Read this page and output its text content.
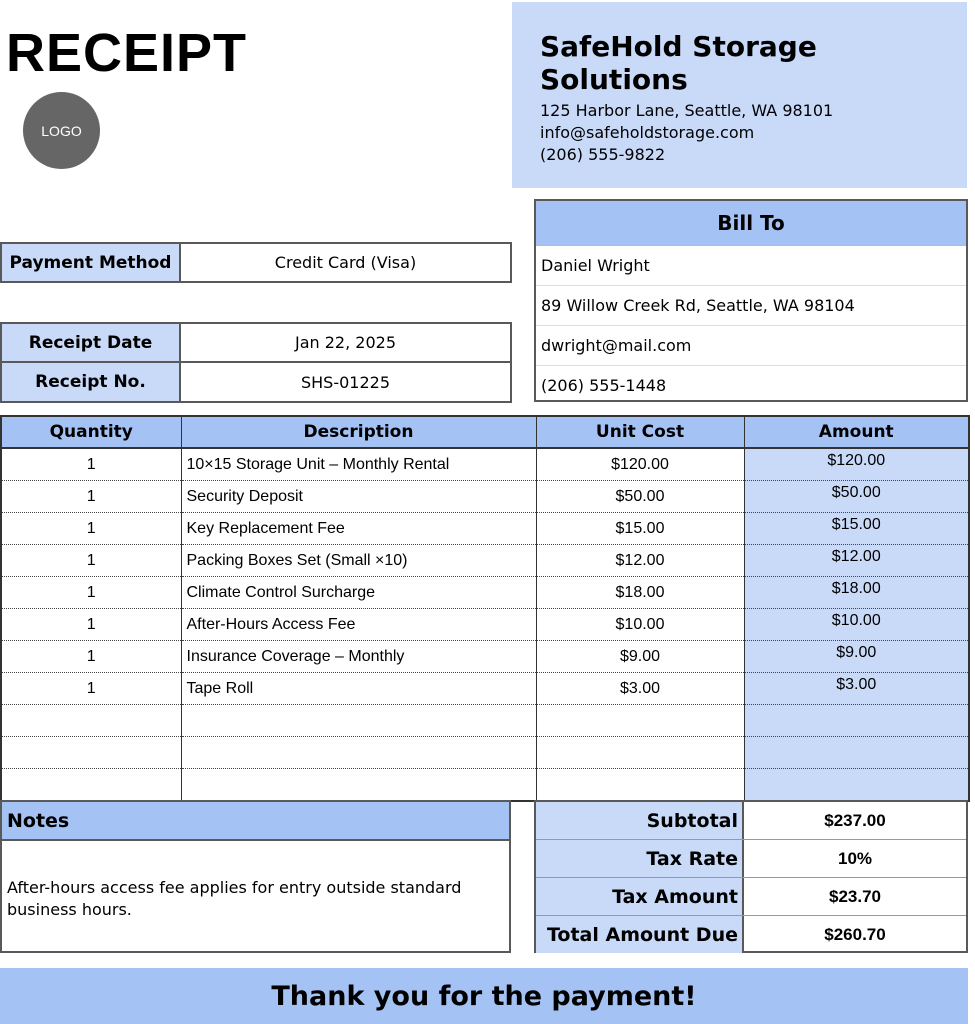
RECEIPT
LOGO
SafeHold Storage Solutions
125 Harbor Lane, Seattle, WA 98101
info@safeholdstorage.com
(206) 555-9822
Payment Method	Credit Card (Visa)
Receipt Date	Jan 22, 2025
Receipt No.	SHS-01225
Bill To
Daniel Wright
89 Willow Creek Rd, Seattle, WA 98104
dwright@mail.com
(206) 555-1448
Quantity	Description	Unit Cost	Amount
1	10×15 Storage Unit – Monthly Rental	$120.00	$120.00
1	Security Deposit	$50.00	$50.00
1	Key Replacement Fee	$15.00	$15.00
1	Packing Boxes Set (Small ×10)	$12.00	$12.00
1	Climate Control Surcharge	$18.00	$18.00
1	After-Hours Access Fee	$10.00	$10.00
1	Insurance Coverage – Monthly	$9.00	$9.00
1	Tape Roll	$3.00	$3.00

Notes
After-hours access fee applies for entry outside standard business hours.
Subtotal	$237.00
Tax Rate	10%
Tax Amount	$23.70
Total Amount Due	$260.70
Thank you for the payment!
